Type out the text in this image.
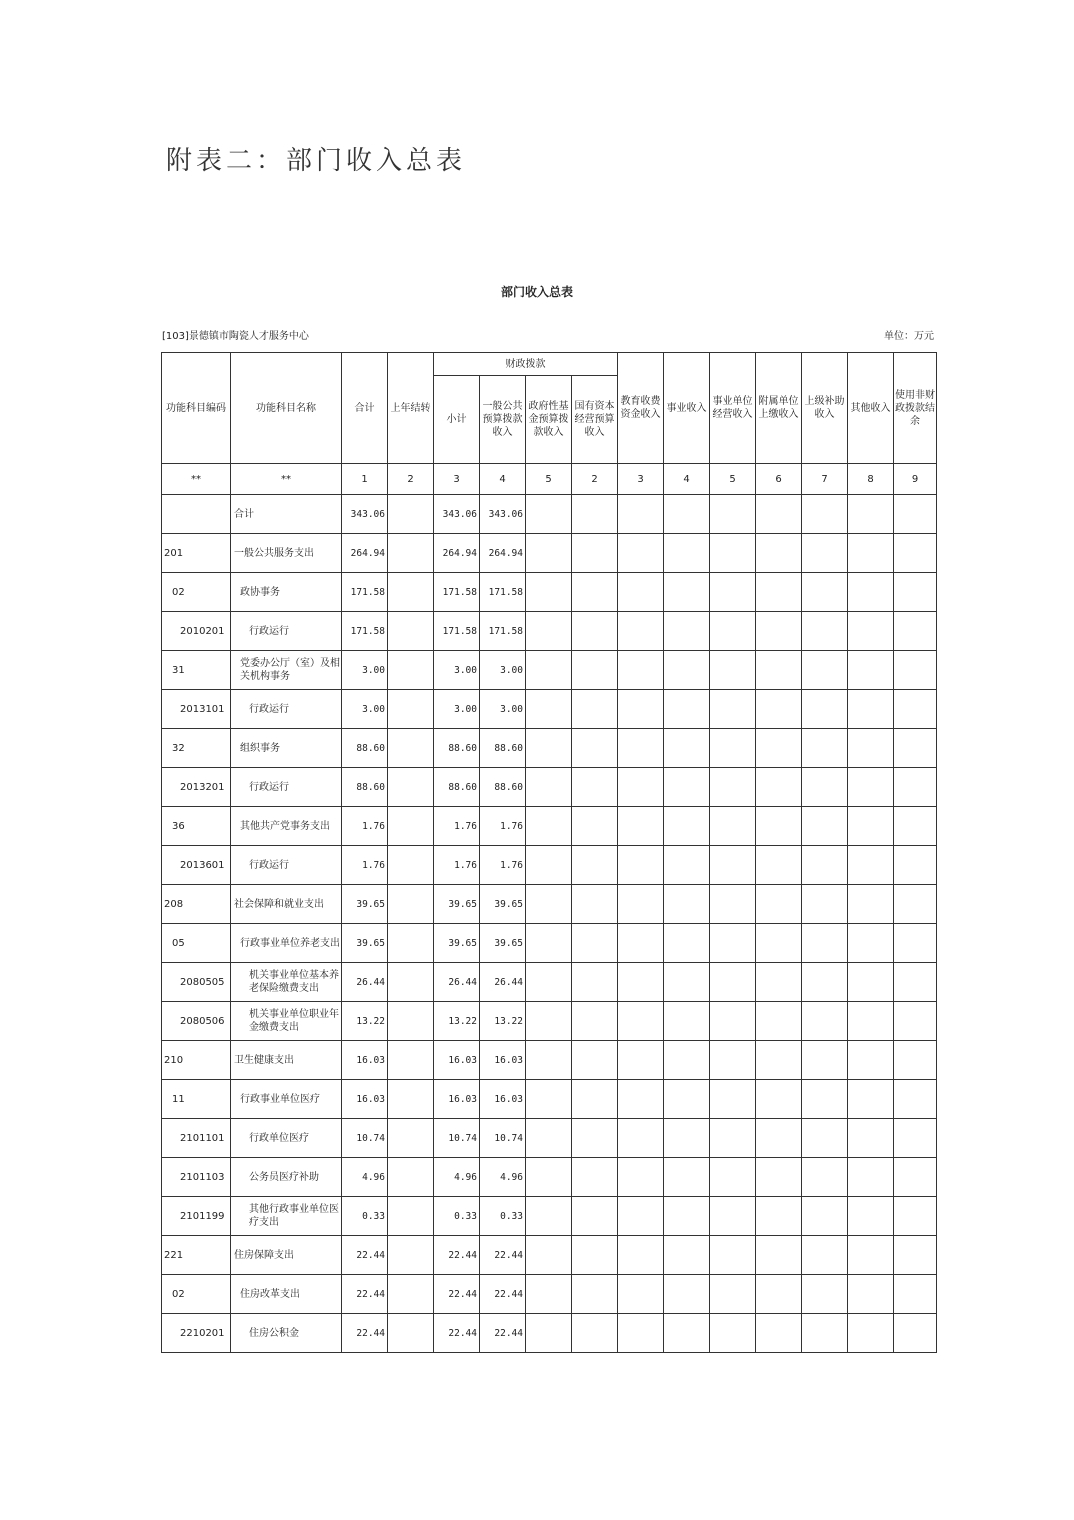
附表二：部门收入总表
部门收入总表
[103]景德镇市陶瓷人才服务中心	单位：万元
功能科目编码	功能科目名称	合计	上年结转	财政拨款				教育收费资金收入	事业收入	事业单位经营收入	附属单位上缴收入	上级补助收入	其他收入	使用非财政拨款结余
				小计	一般公共预算拨款收入	政府性基金预算拨款收入	国有资本经营预算收入							
**	**	1	2	3	4	5	2	3	4	5	6	7	8	9
	合计	343.06		343.06	343.06									
201	一般公共服务支出	264.94		264.94	264.94									
02	政协事务	171.58		171.58	171.58									
2010201	行政运行	171.58		171.58	171.58									
31	党委办公厅（室）及相关机构事务	3.00		3.00	3.00									
2013101	行政运行	3.00		3.00	3.00									
32	组织事务	88.60		88.60	88.60									
2013201	行政运行	88.60		88.60	88.60									
36	其他共产党事务支出	1.76		1.76	1.76									
2013601	行政运行	1.76		1.76	1.76									
208	社会保障和就业支出	39.65		39.65	39.65									
05	行政事业单位养老支出	39.65		39.65	39.65									
2080505	机关事业单位基本养老保险缴费支出	26.44		26.44	26.44									
2080506	机关事业单位职业年金缴费支出	13.22		13.22	13.22									
210	卫生健康支出	16.03		16.03	16.03									
11	行政事业单位医疗	16.03		16.03	16.03									
2101101	行政单位医疗	10.74		10.74	10.74									
2101103	公务员医疗补助	4.96		4.96	4.96									
2101199	其他行政事业单位医疗支出	0.33		0.33	0.33									
221	住房保障支出	22.44		22.44	22.44									
02	住房改革支出	22.44		22.44	22.44									
2210201	住房公积金	22.44		22.44	22.44									
